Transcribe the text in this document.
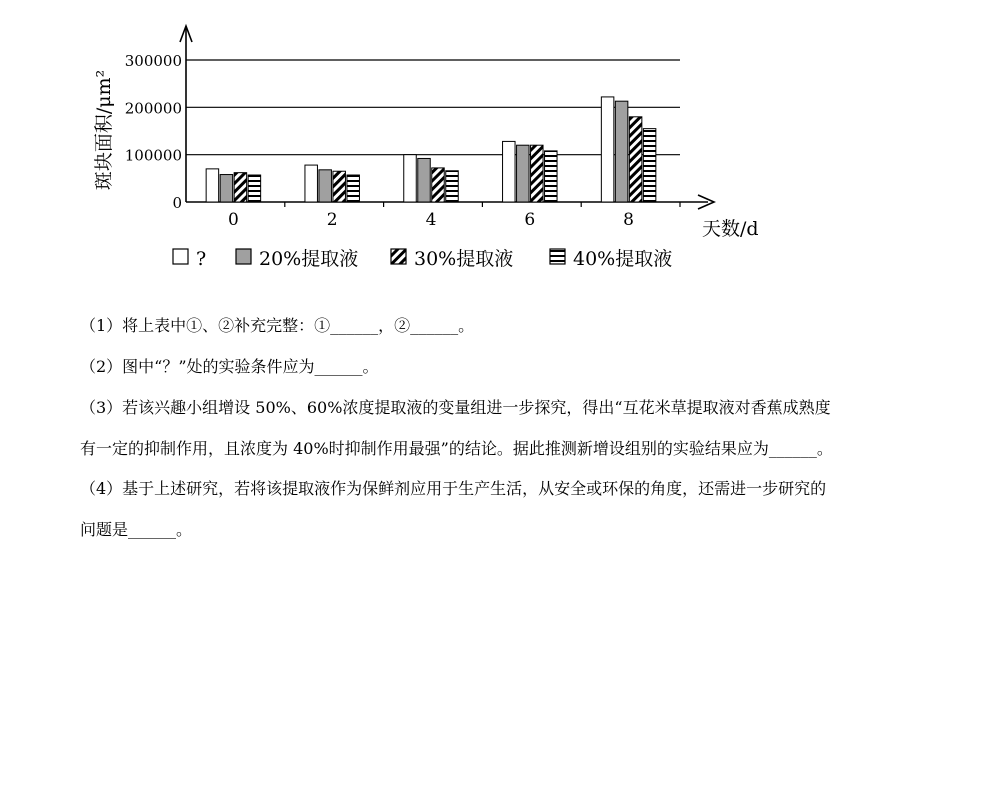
0
100000
200000
300000
0	2	4	6	8
斑块面积/μm²
天数/d
?	20%提取液	30%提取液	40%提取液
（1）将上表中①、②补充完整：①______，②______。
（2）图中“？”处的实验条件应为______。
（3）若该兴趣小组增设 50%、60%浓度提取液的变量组进一步探究，得出“互花米草提取液对香蕉成熟度
有一定的抑制作用，且浓度为 40%时抑制作用最强”的结论。据此推测新增设组别的实验结果应为______。
（4）基于上述研究，若将该提取液作为保鲜剂应用于生产生活，从安全或环保的角度，还需进一步研究的
问题是______。
